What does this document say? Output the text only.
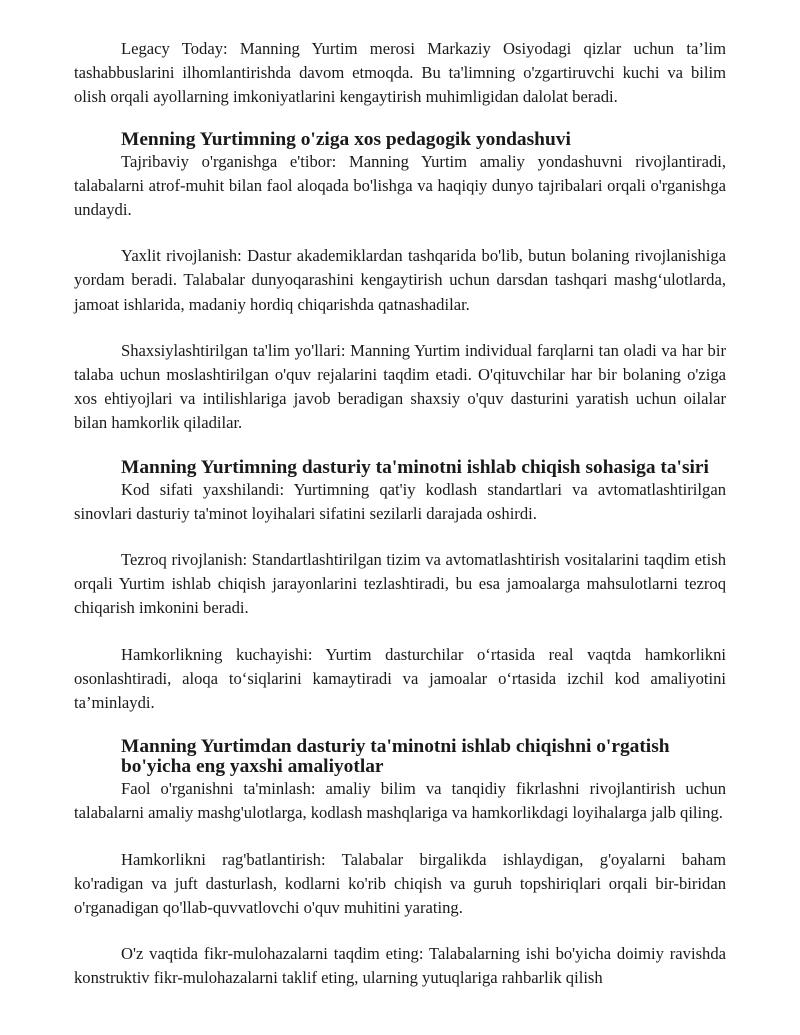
Legacy Today: Manning Yurtim merosi Markaziy Osiyodagi qizlar uchun ta’lim tashabbuslarini ilhomlantirishda davom etmoqda. Bu ta'limning o'zgartiruvchi kuchi va bilim olish orqali ayollarning imkoniyatlarini kengaytirish muhimligidan dalolat beradi.

Menning Yurtimning o'ziga xos pedagogik yondashuvi

Tajribaviy o'rganishga e'tibor: Manning Yurtim amaliy yondashuvni rivojlantiradi, talabalarni atrof-muhit bilan faol aloqada bo'lishga va haqiqiy dunyo tajribalari orqali o'rganishga undaydi.

Yaxlit rivojlanish: Dastur akademiklardan tashqarida bo'lib, butun bolaning rivojlanishiga yordam beradi. Talabalar dunyoqarashini kengaytirish uchun darsdan tashqari mashg‘ulotlarda, jamoat ishlarida, madaniy hordiq chiqarishda qatnashadilar.

Shaxsiylashtirilgan ta'lim yo'llari: Manning Yurtim individual farqlarni tan oladi va har bir talaba uchun moslashtirilgan o'quv rejalarini taqdim etadi. O'qituvchilar har bir bolaning o'ziga xos ehtiyojlari va intilishlariga javob beradigan shaxsiy o'quv dasturini yaratish uchun oilalar bilan hamkorlik qiladilar.

Manning Yurtimning dasturiy ta'minotni ishlab chiqish sohasiga ta'siri

Kod sifati yaxshilandi: Yurtimning qat'iy kodlash standartlari va avtomatlashtirilgan sinovlari dasturiy ta'minot loyihalari sifatini sezilarli darajada oshirdi.

Tezroq rivojlanish: Standartlashtirilgan tizim va avtomatlashtirish vositalarini taqdim etish orqali Yurtim ishlab chiqish jarayonlarini tezlashtiradi, bu esa jamoalarga mahsulotlarni tezroq chiqarish imkonini beradi.

Hamkorlikning kuchayishi: Yurtim dasturchilar o‘rtasida real vaqtda hamkorlikni osonlashtiradi, aloqa to‘siqlarini kamaytiradi va jamoalar o‘rtasida izchil kod amaliyotini ta’minlaydi.

Manning Yurtimdan dasturiy ta'minotni ishlab chiqishni o'rgatish bo'yicha eng yaxshi amaliyotlar

Faol o'rganishni ta'minlash: amaliy bilim va tanqidiy fikrlashni rivojlantirish uchun talabalarni amaliy mashg'ulotlarga, kodlash mashqlariga va hamkorlikdagi loyihalarga jalb qiling.

Hamkorlikni rag'batlantirish: Talabalar birgalikda ishlaydigan, g'oyalarni baham ko'radigan va juft dasturlash, kodlarni ko'rib chiqish va guruh topshiriqlari orqali bir-biridan o'rganadigan qo'llab-quvvatlovchi o'quv muhitini yarating.

O'z vaqtida fikr-mulohazalarni taqdim eting: Talabalarning ishi bo'yicha doimiy ravishda konstruktiv fikr-mulohazalarni taklif eting, ularning yutuqlariga rahbarlik qilish
